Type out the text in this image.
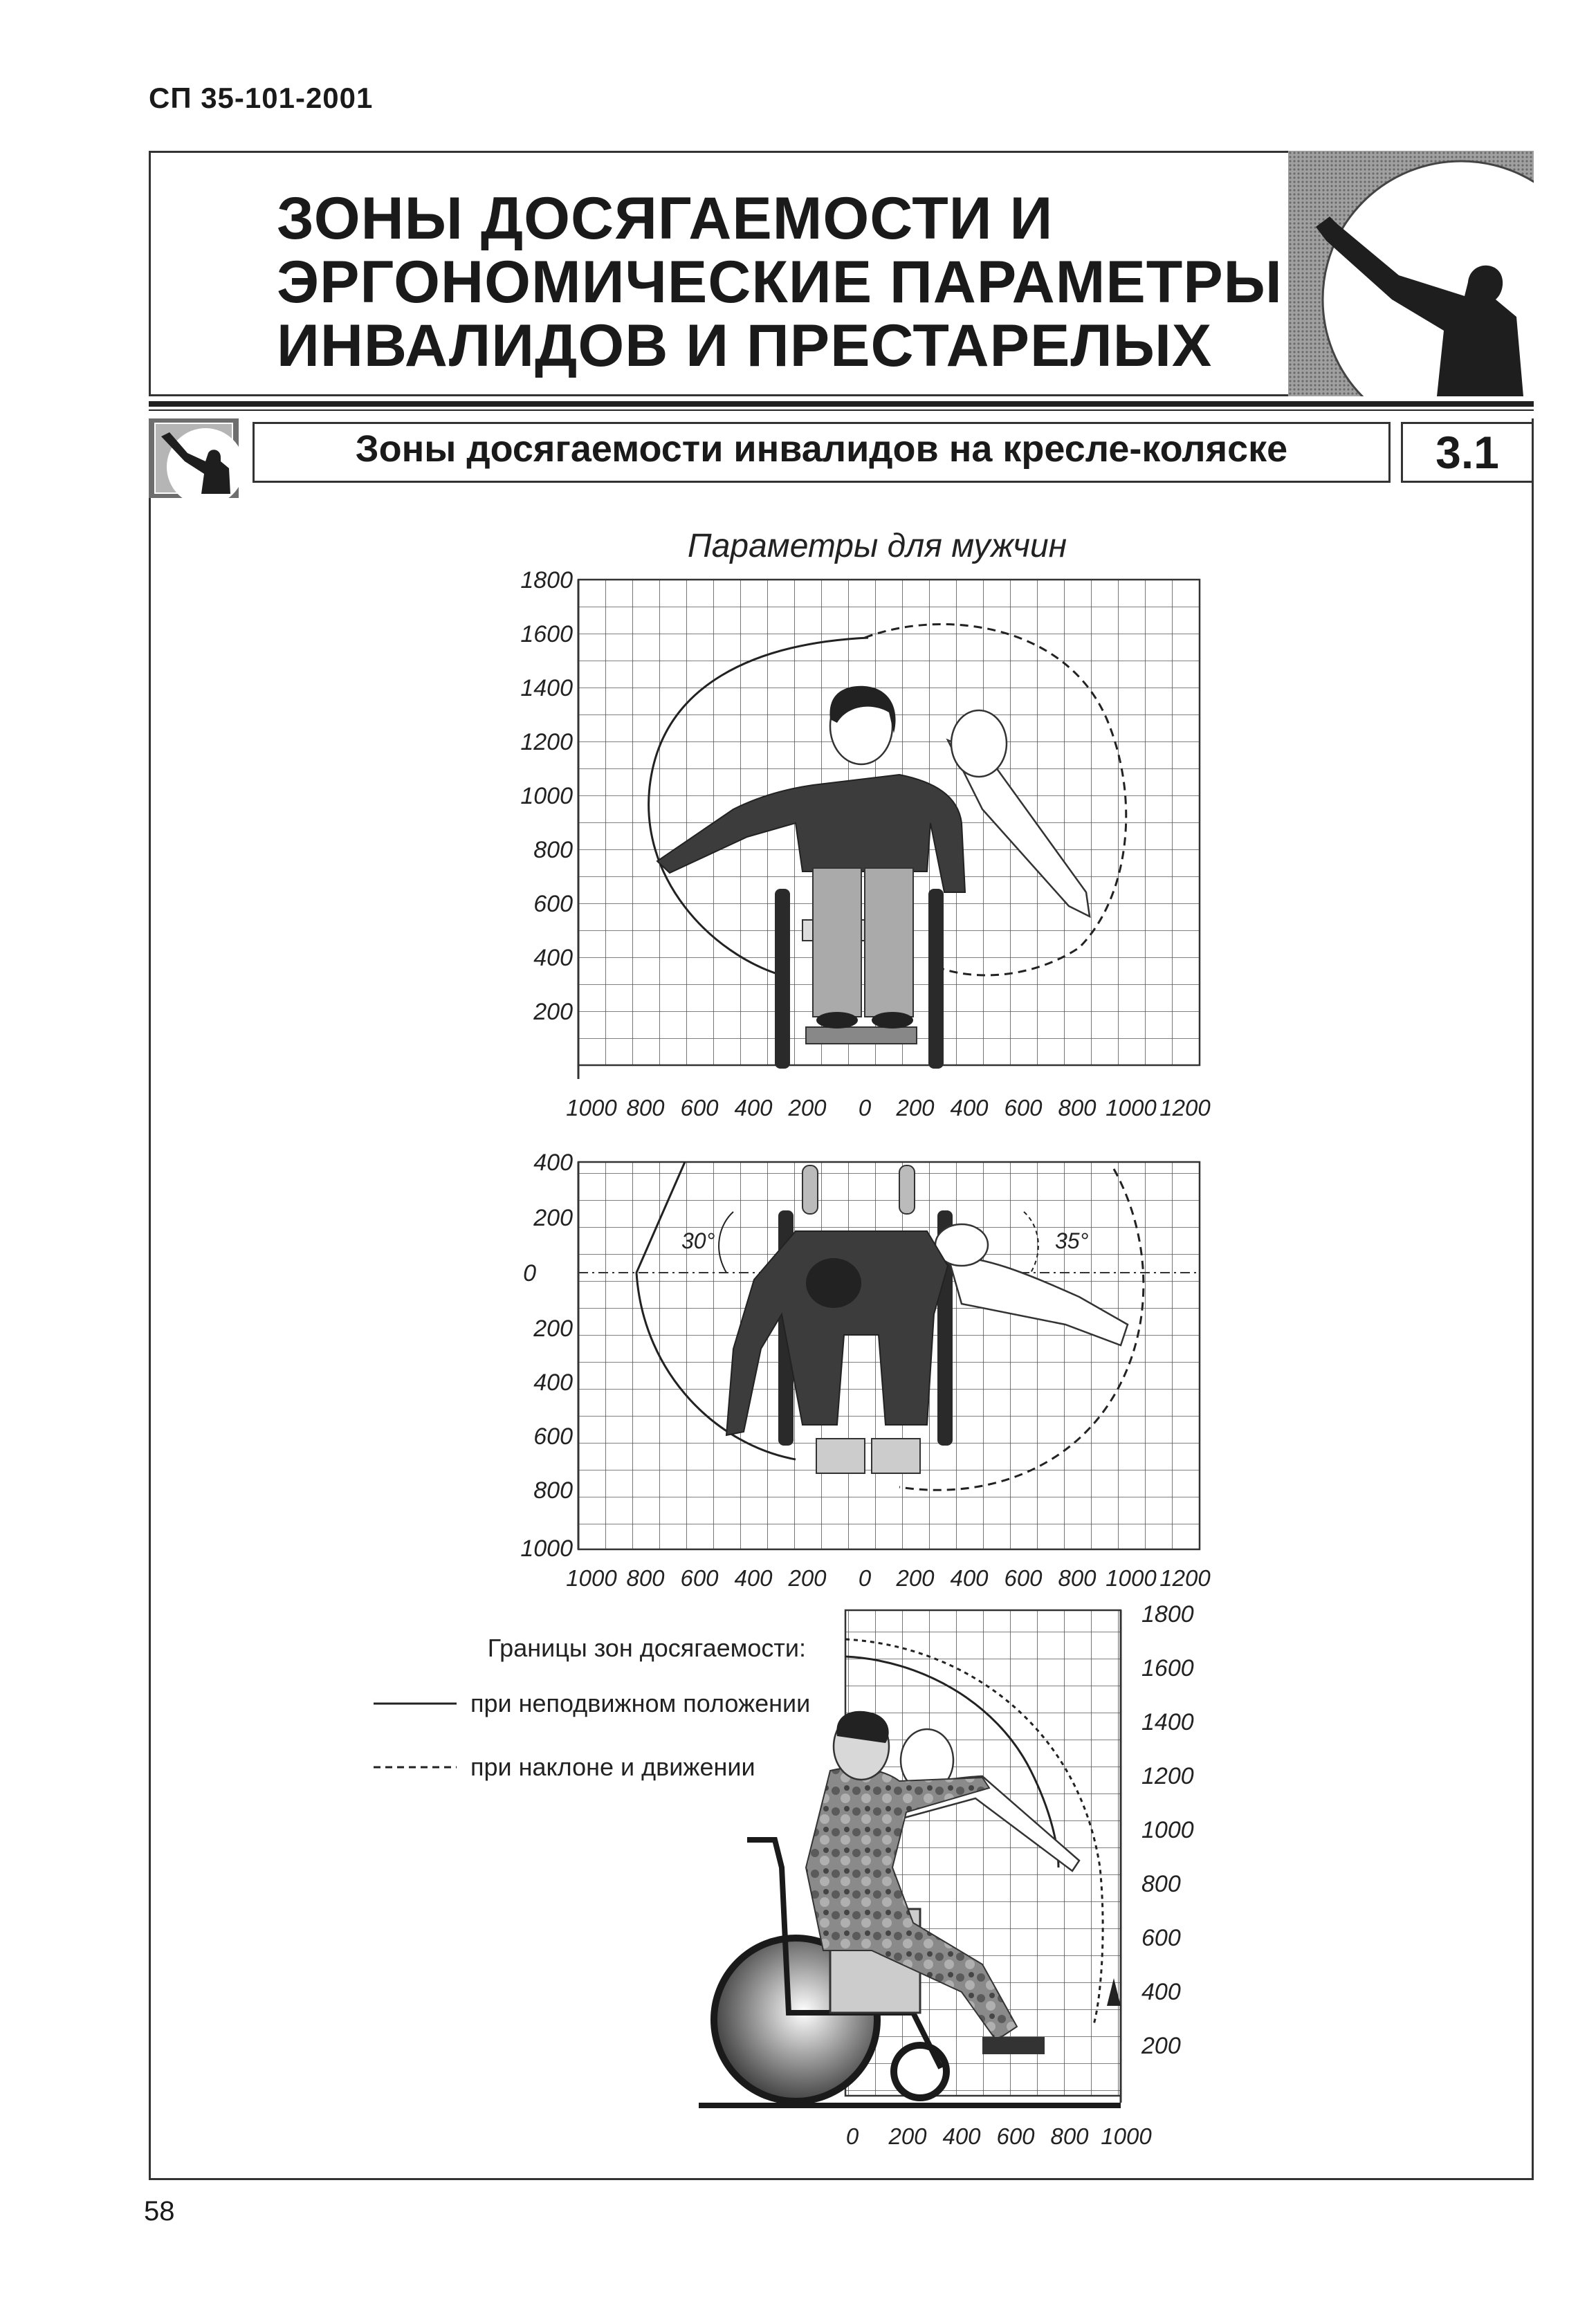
СП 35-101-2001
ЗОНЫ ДОСЯГАЕМОСТИ И
ЭРГОНОМИЧЕСКИЕ ПАРАМЕТРЫ
ИНВАЛИДОВ И ПРЕСТАРЕЛЫХ
Зоны досягаемости инвалидов на кресле-коляске	3.1
Параметры для мужчин
1800
1600
1400
1200
1000
800
600
400
200
1000 800 600 400 200 0 200 400 600 800 1000 1200
400
200
0
200
400
600
800
1000
1000 800 600 400 200 0 200 400 600 800 1000 1200
30°	35°
1800
1600
1400
1200
1000
800
600
400
200
0 200 400 600 800 1000
Границы зон досягаемости:
при неподвижном положении
при наклоне и движении
58
